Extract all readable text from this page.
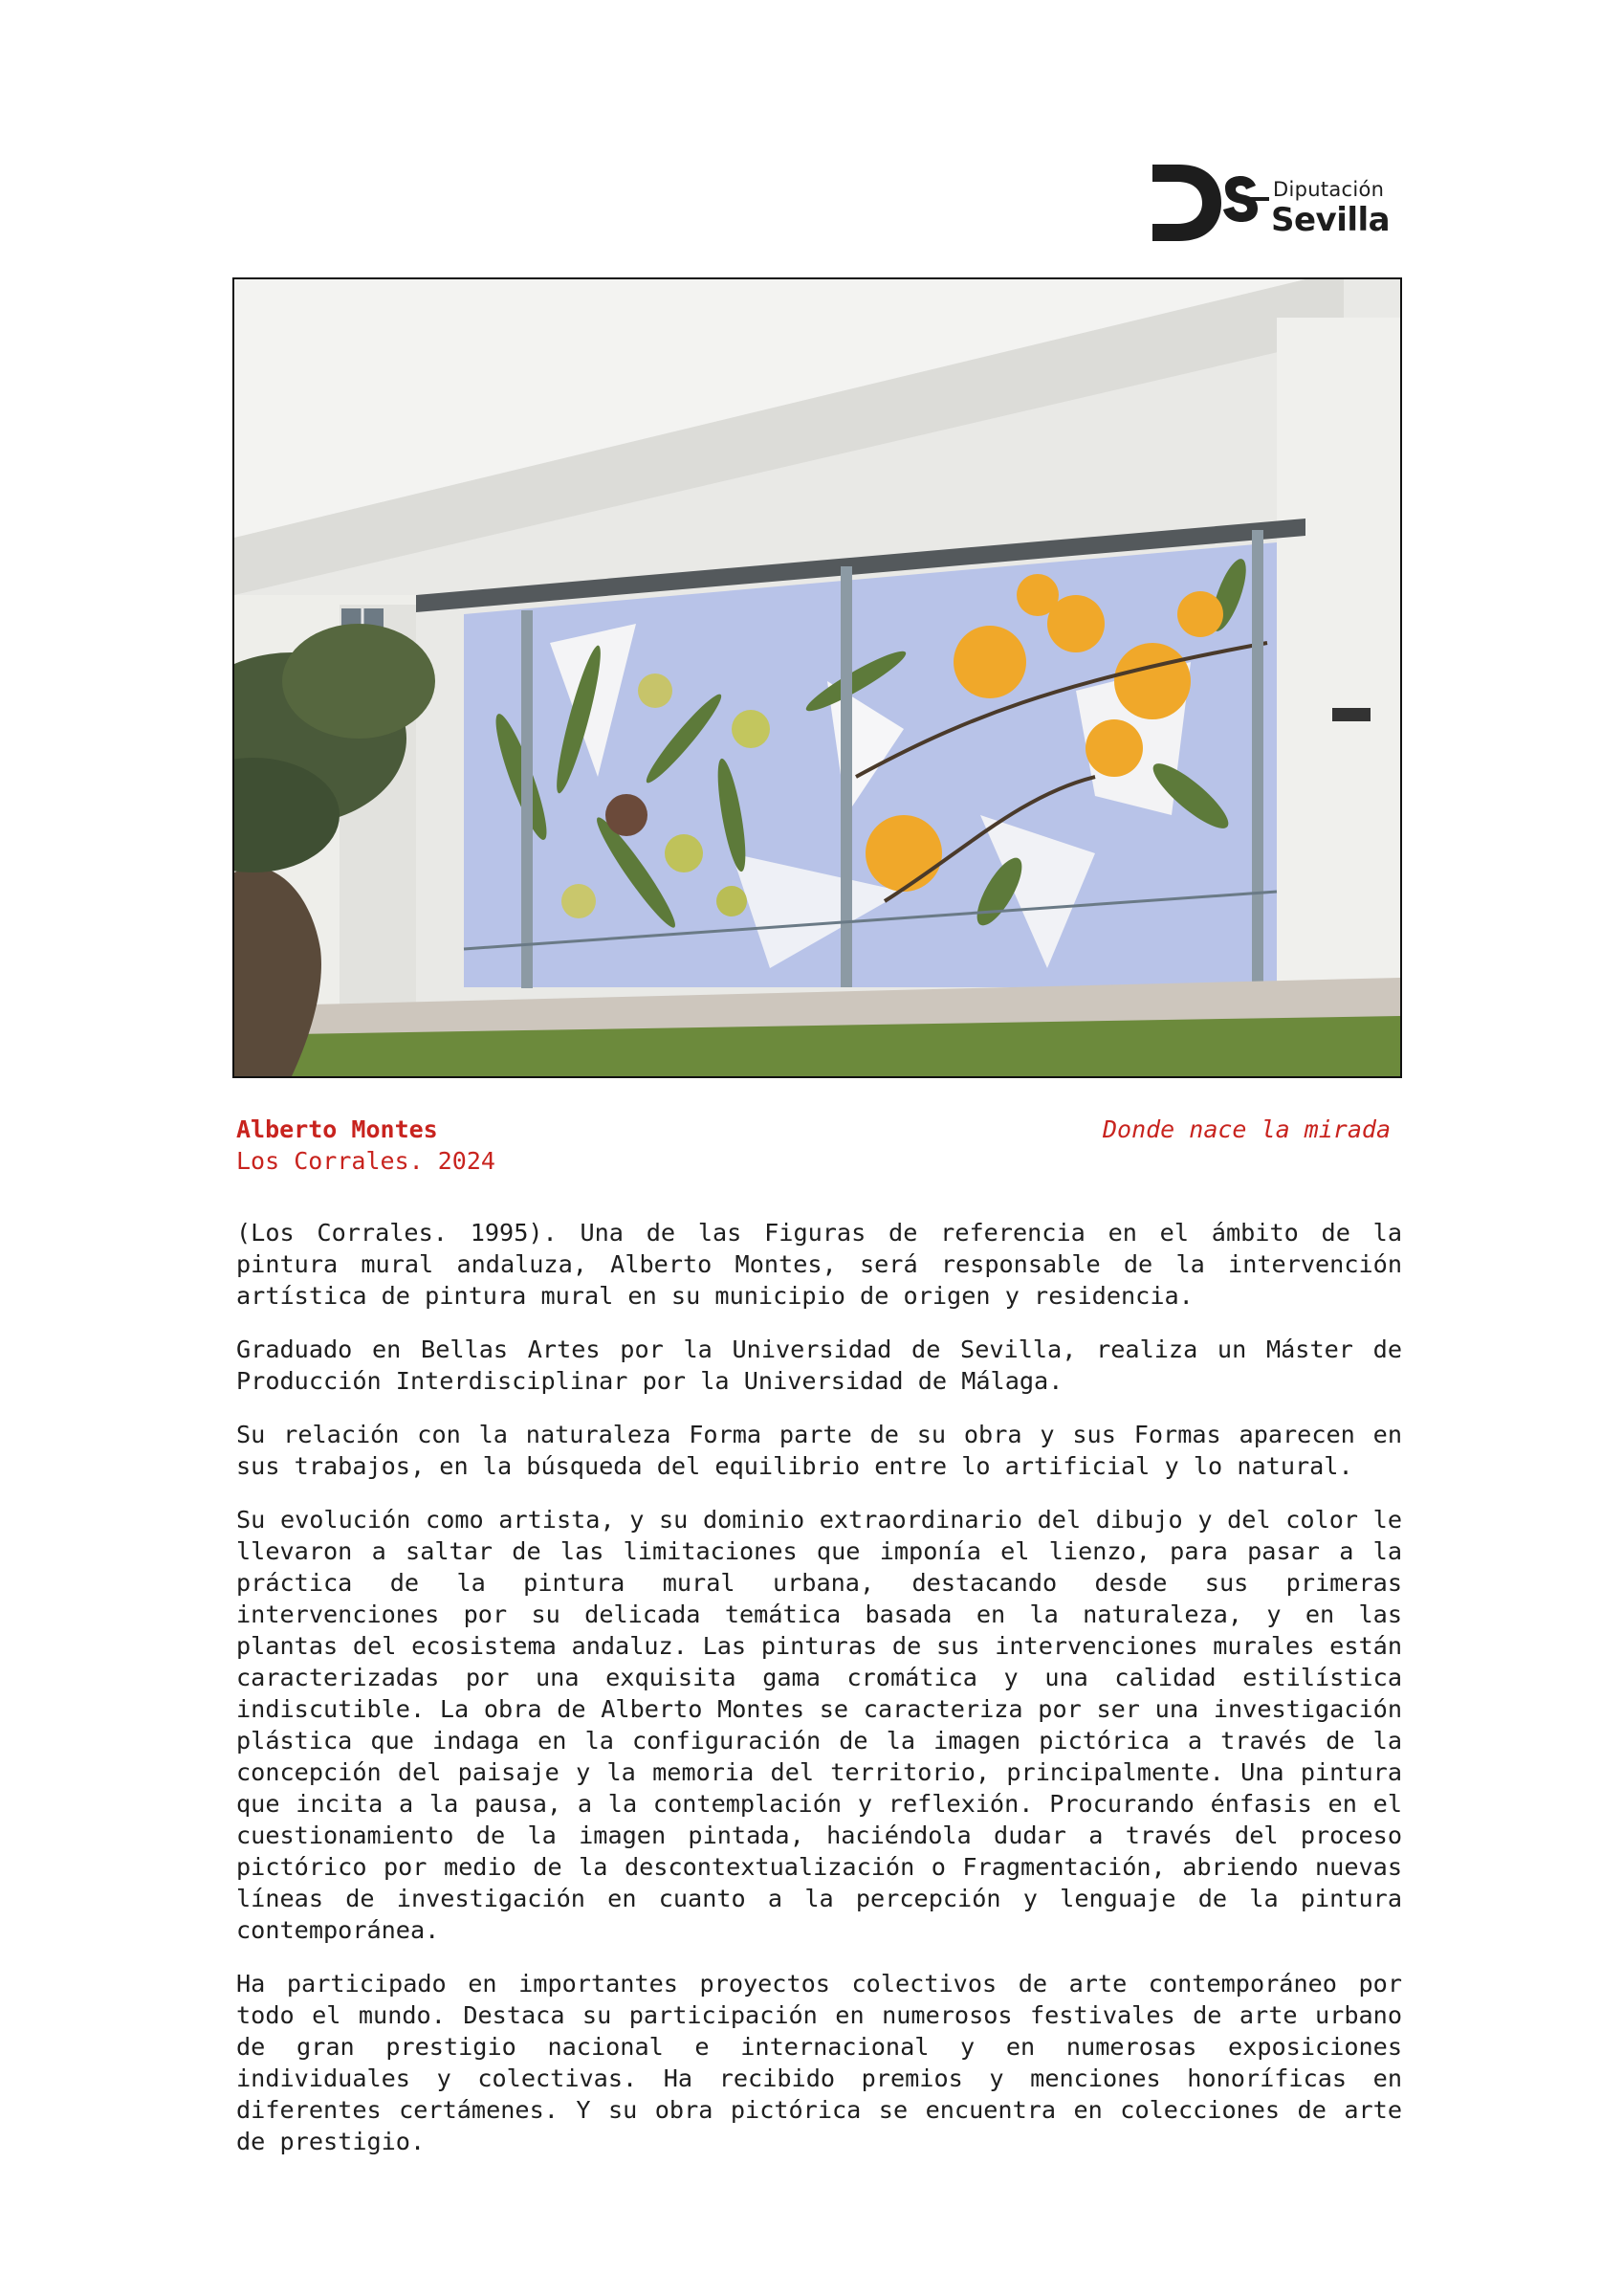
Diputación
Sevilla
Alberto Montes
Los Corrales. 2024
Donde nace la mirada

(Los Corrales. 1995). Una de las Figuras de referencia en el ámbito de la pintura mural andaluza, Alberto Montes, será responsable de la intervención artística de pintura mural en su municipio de origen y residencia.

Graduado en Bellas Artes por la Universidad de Sevilla, realiza un Máster de Producción Interdisciplinar por la Universidad de Málaga.

Su relación con la naturaleza Forma parte de su obra y sus Formas aparecen en sus trabajos, en la búsqueda del equilibrio entre lo artificial y lo natural.

Su evolución como artista, y su dominio extraordinario del dibujo y del color le llevaron a saltar de las limitaciones que imponía el lienzo, para pasar a la práctica de la pintura mural urbana, destacando desde sus primeras intervenciones por su delicada temática basada en la naturaleza, y en las plantas del ecosistema andaluz. Las pinturas de sus intervenciones murales están caracterizadas por una exquisita gama cromática y una calidad estilística indiscutible. La obra de Alberto Montes se caracteriza por ser una investigación plástica que indaga en la configuración de la imagen pictórica a través de la concepción del paisaje y la memoria del territorio, principalmente. Una pintura que incita a la pausa, a la contemplación y reflexión. Procurando énfasis en el cuestionamiento de la imagen pintada, haciéndola dudar a través del proceso pictórico por medio de la descontextualización o Fragmentación, abriendo nuevas líneas de investigación en cuanto a la percepción y lenguaje de la pintura contemporánea.

Ha participado en importantes proyectos colectivos de arte contemporáneo por todo el mundo. Destaca su participación en numerosos festivales de arte urbano de gran prestigio nacional e internacional y en numerosas exposiciones individuales y colectivas. Ha recibido premios y menciones honoríficas en diferentes certámenes. Y su obra pictórica se encuentra en colecciones de arte de prestigio.
